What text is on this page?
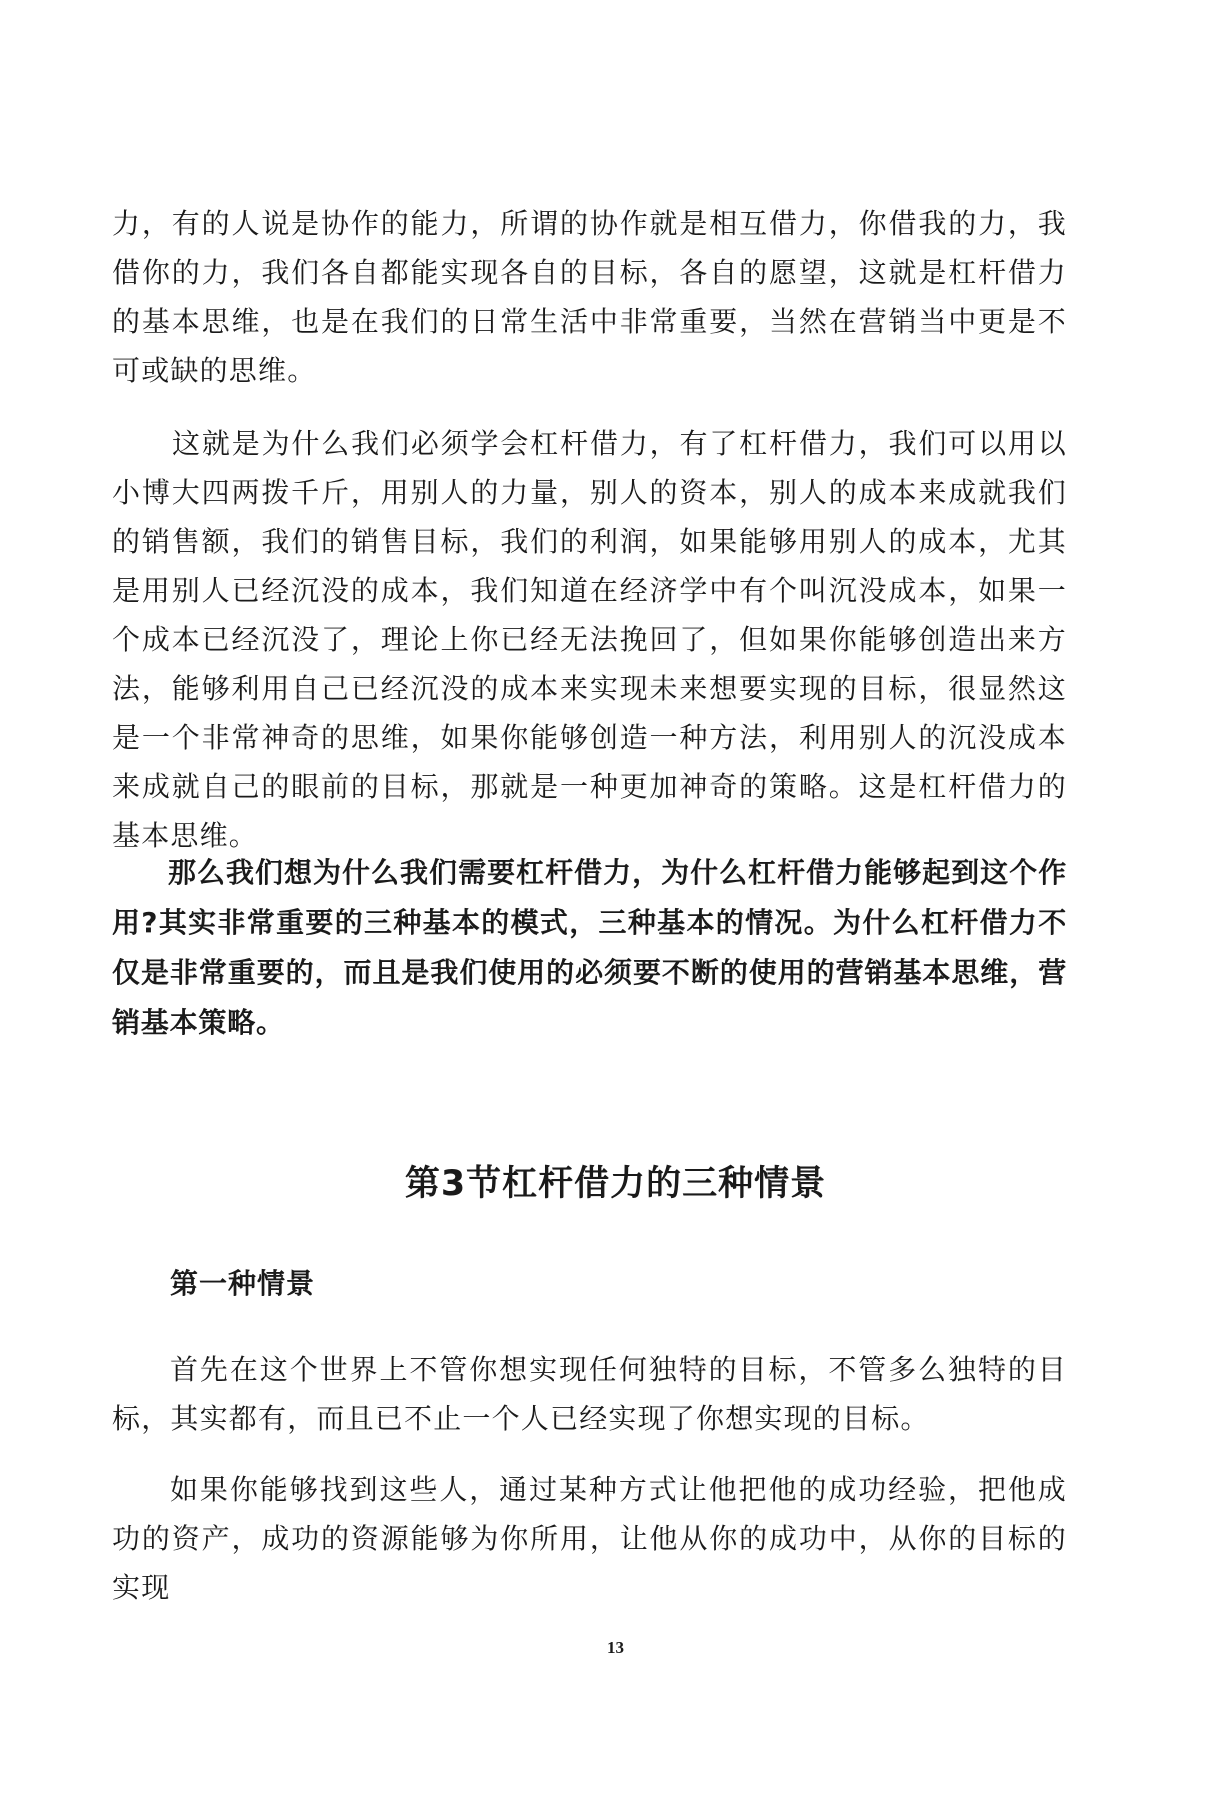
力，有的人说是协作的能力，所谓的协作就是相互借力，你借我的力，我借你的力，我们各自都能实现各自的目标，各自的愿望，这就是杠杆借力的基本思维，也是在我们的日常生活中非常重要，当然在营销当中更是不可或缺的思维。

这就是为什么我们必须学会杠杆借力，有了杠杆借力，我们可以用以小博大四两拨千斤，用别人的力量，别人的资本，别人的成本来成就我们的销售额，我们的销售目标，我们的利润，如果能够用别人的成本，尤其是用别人已经沉没的成本，我们知道在经济学中有个叫沉没成本，如果一个成本已经沉没了，理论上你已经无法挽回了，但如果你能够创造出来方法，能够利用自己已经沉没的成本来实现未来想要实现的目标，很显然这是一个非常神奇的思维，如果你能够创造一种方法，利用别人的沉没成本来成就自己的眼前的目标，那就是一种更加神奇的策略。这是杠杆借力的基本思维。

那么我们想为什么我们需要杠杆借力，为什么杠杆借力能够起到这个作用?其实非常重要的三种基本的模式，三种基本的情况。为什么杠杆借力不仅是非常重要的，而且是我们使用的必须要不断的使用的营销基本思维，营销基本策略。

第3节杠杆借力的三种情景
第一种情景

首先在这个世界上不管你想实现任何独特的目标，不管多么独特的目标，其实都有，而且已不止一个人已经实现了你想实现的目标。

如果你能够找到这些人，通过某种方式让他把他的成功经验，把他成功的资产，成功的资源能够为你所用，让他从你的成功中，从你的目标的实现

13
